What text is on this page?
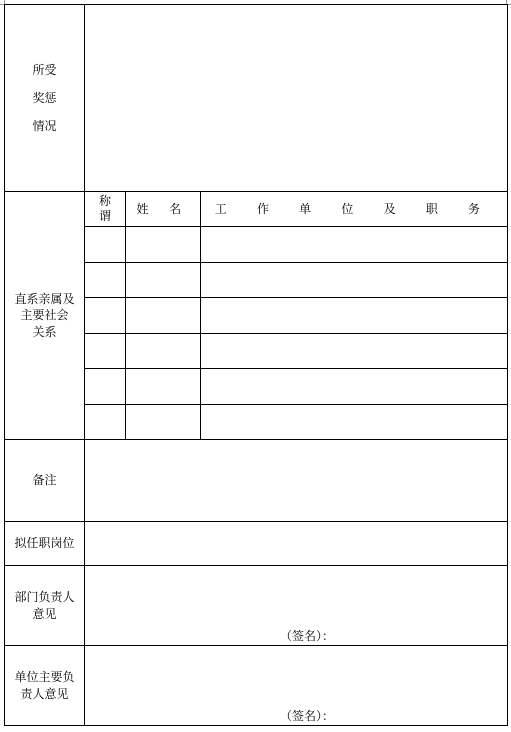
所受
奖惩
情况			

直系亲属及
主要社会
关系	称谓	姓 名	工 作 单 位 及 职 务

备注			
拟任职岗位			

部门负责人
意见	（签名）：		

单位主要负
责人意见	（签名）：		
